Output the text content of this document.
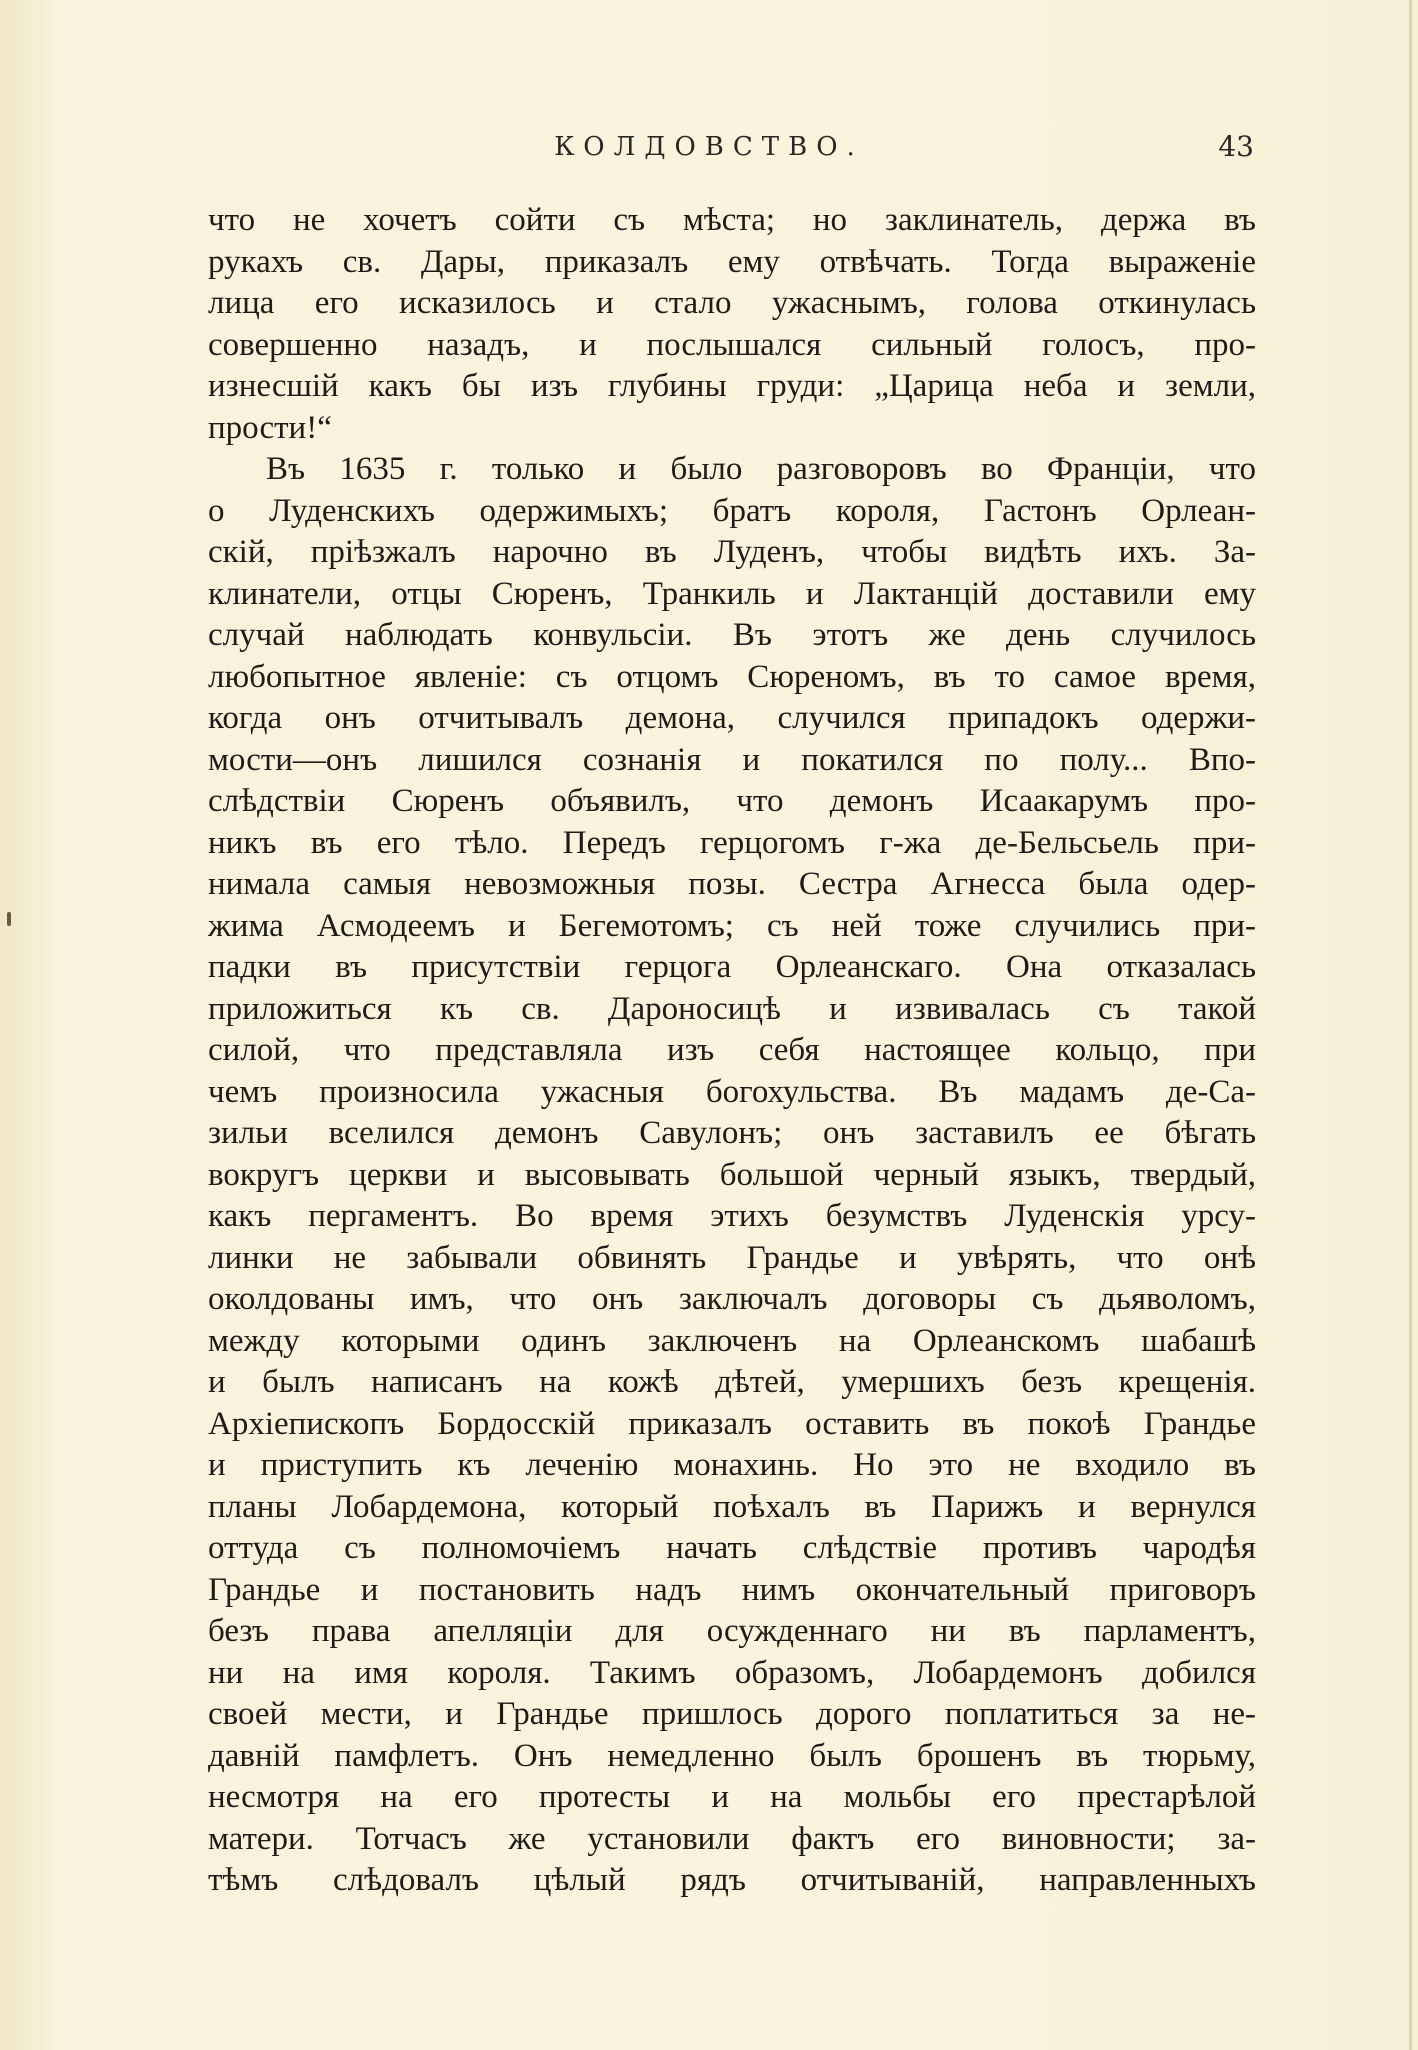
КОЛДОВСТВО.	43
что не хочетъ сойти съ мѣста; но заклинатель, держа въ
рукахъ св. Дары, приказалъ ему отвѣчать. Тогда выраженіе
лица его исказилось и стало ужаснымъ, голова откинулась
совершенно назадъ, и послышался сильный голосъ, про-
изнесшій какъ бы изъ глубины груди: „Царица неба и земли,
прости!“
Въ 1635 г. только и было разговоровъ во Франціи, что
о Луденскихъ одержимыхъ; братъ короля, Гастонъ Орлеан-
скій, пріѣзжалъ нарочно въ Луденъ, чтобы видѣть ихъ. За-
клинатели, отцы Сюренъ, Транкиль и Лактанцій доставили ему
случай наблюдать конвульсіи. Въ этотъ же день случилось
любопытное явленіе: съ отцомъ Сюреномъ, въ то самое время,
когда онъ отчитывалъ демона, случился припадокъ одержи-
мости—онъ лишился сознанія и покатился по полу... Впо-
слѣдствіи Сюренъ объявилъ, что демонъ Исаакарумъ про-
никъ въ его тѣло. Передъ герцогомъ г-жа де-Бельсьель при-
нимала самыя невозможныя позы. Сестра Агнесса была одер-
жима Асмодеемъ и Бегемотомъ; съ ней тоже случились при-
падки въ присутствіи герцога Орлеанскаго. Она отказалась
приложиться къ св. Дароносицѣ и извивалась съ такой
силой, что представляла изъ себя настоящее кольцо, при
чемъ произносила ужасныя богохульства. Въ мадамъ де-Са-
зильи вселился демонъ Савулонъ; онъ заставилъ ее бѣгать
вокругъ церкви и высовывать большой черный языкъ, твердый,
какъ пергаментъ. Во время этихъ безумствъ Луденскія урсу-
линки не забывали обвинять Грандье и увѣрять, что онѣ
околдованы имъ, что онъ заключалъ договоры съ дьяволомъ,
между которыми одинъ заключенъ на Орлеанскомъ шабашѣ
и былъ написанъ на кожѣ дѣтей, умершихъ безъ крещенія.
Архіепископъ Бордосскій приказалъ оставить въ покоѣ Грандье
и приступить къ леченію монахинь. Но это не входило въ
планы Лобардемона, который поѣхалъ въ Парижъ и вернулся
оттуда съ полномочіемъ начать слѣдствіе противъ чародѣя
Грандье и постановить надъ нимъ окончательный приговоръ
безъ права апелляціи для осужденнаго ни въ парламентъ,
ни на имя короля. Такимъ образомъ, Лобардемонъ добился
своей мести, и Грандье пришлось дорого поплатиться за не-
давній памфлетъ. Онъ немедленно былъ брошенъ въ тюрьму,
несмотря на его протесты и на мольбы его престарѣлой
матери. Тотчасъ же установили фактъ его виновности; за-
тѣмъ слѣдовалъ цѣлый рядъ отчитываній, направленныхъ
